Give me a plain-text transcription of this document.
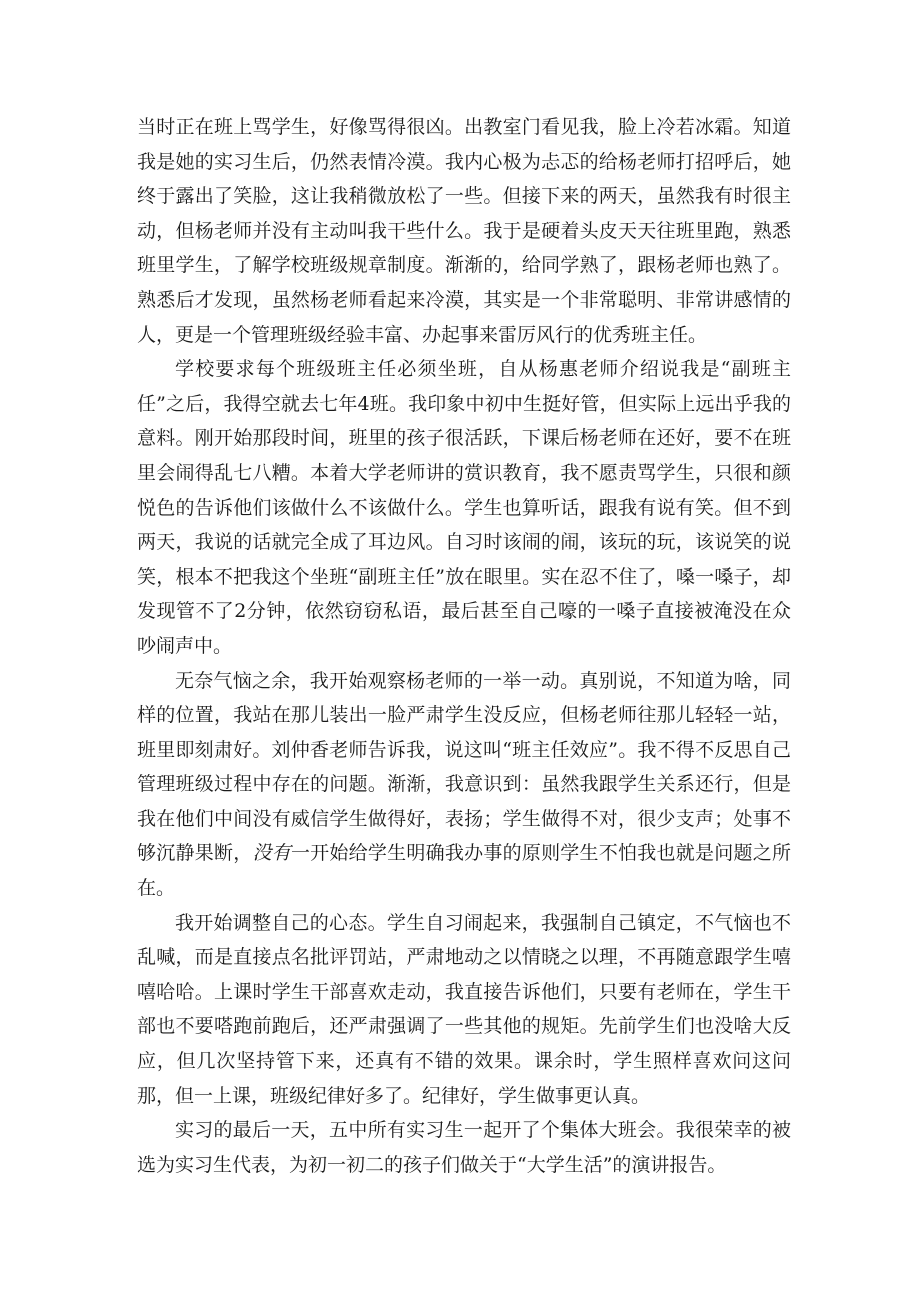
当时正在班上骂学生，好像骂得很凶。出教室门看见我，脸上冷若冰霜。知道我是她的实习生后，仍然表情冷漠。我内心极为忐忑的给杨老师打招呼后，她终于露出了笑脸，这让我稍微放松了一些。但接下来的两天，虽然我有时很主动，但杨老师并没有主动叫我干些什么。我于是硬着头皮天天往班里跑，熟悉班里学生，了解学校班级规章制度。渐渐的，给同学熟了，跟杨老师也熟了。熟悉后才发现，虽然杨老师看起来冷漠，其实是一个非常聪明、非常讲感情的人，更是一个管理班级经验丰富、办起事来雷厉风行的优秀班主任。

学校要求每个班级班主任必须坐班，自从杨惠老师介绍说我是“副班主任”之后，我得空就去七年4班。我印象中初中生挺好管，但实际上远出乎我的意料。刚开始那段时间，班里的孩子很活跃，下课后杨老师在还好，要不在班里会闹得乱七八糟。本着大学老师讲的赏识教育，我不愿责骂学生，只很和颜悦色的告诉他们该做什么不该做什么。学生也算听话，跟我有说有笑。但不到两天，我说的话就完全成了耳边风。自习时该闹的闹，该玩的玩，该说笑的说笑，根本不把我这个坐班“副班主任”放在眼里。实在忍不住了，嗓一嗓子，却发现管不了2分钟，依然窃窃私语，最后甚至自己嚎的一嗓子直接被淹没在众吵闹声中。

无奈气恼之余，我开始观察杨老师的一举一动。真别说，不知道为啥，同样的位置，我站在那儿装出一脸严肃学生没反应，但杨老师往那儿轻轻一站，班里即刻肃好。刘仲香老师告诉我，说这叫“班主任效应”。我不得不反思自己管理班级过程中存在的问题。渐渐，我意识到：虽然我跟学生关系还行，但是我在他们中间没有威信学生做得好，表扬；学生做得不对，很少支声；处事不够沉静果断，没有一开始给学生明确我办事的原则学生不怕我也就是问题之所在。

我开始调整自己的心态。学生自习闹起来，我强制自己镇定，不气恼也不乱喊，而是直接点名批评罚站，严肃地动之以情晓之以理，不再随意跟学生嘻嘻哈哈。上课时学生干部喜欢走动，我直接告诉他们，只要有老师在，学生干部也不要嗒跑前跑后，还严肃强调了一些其他的规矩。先前学生们也没啥大反应，但几次坚持管下来，还真有不错的效果。课余时，学生照样喜欢问这问那，但一上课，班级纪律好多了。纪律好，学生做事更认真。

实习的最后一天，五中所有实习生一起开了个集体大班会。我很荣幸的被选为实习生代表，为初一初二的孩子们做关于“大学生活”的演讲报告。
